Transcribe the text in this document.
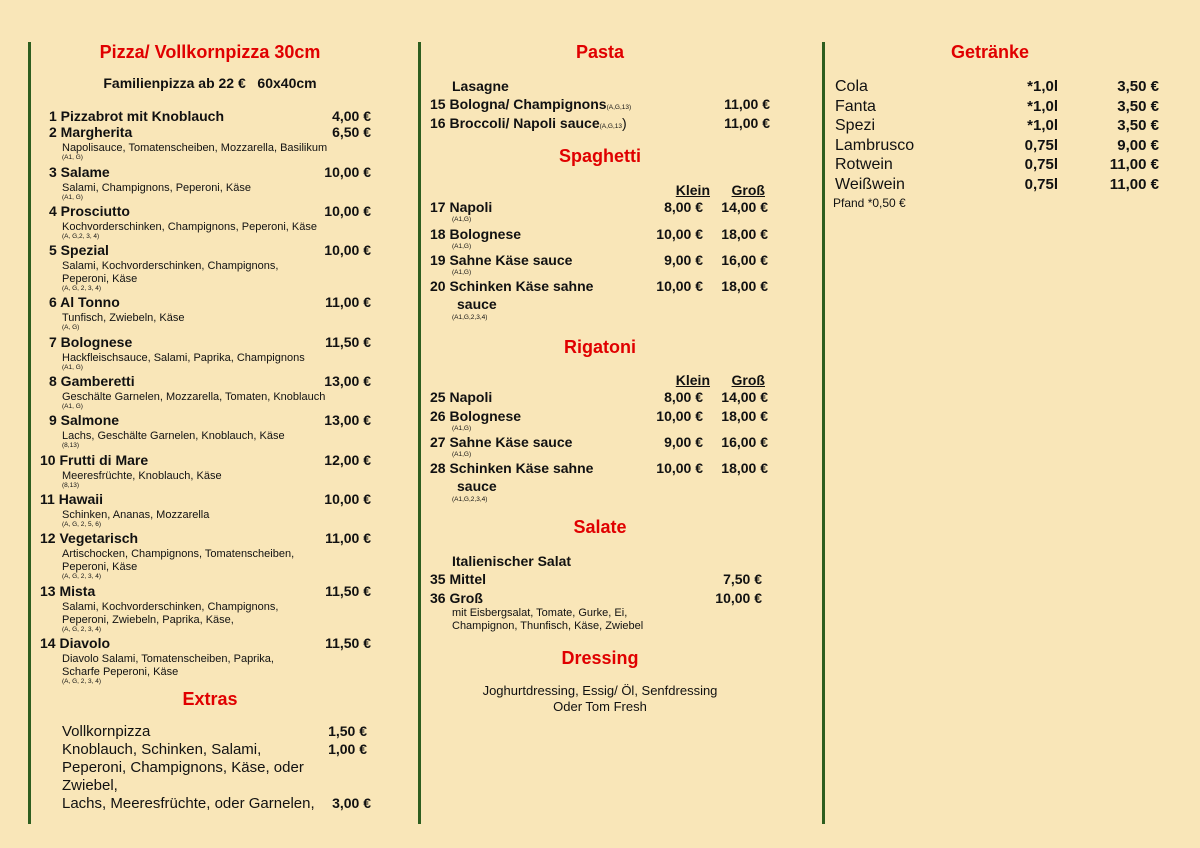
Pizza/ Vollkornpizza 30cm
Familienpizza ab 22 €   60x40cm
1 Pizzabrot mit Knoblauch	4,00 €
2 Margherita	6,50 €
Napolisauce, Tomatenscheiben, Mozzarella, Basilikum
(A1, G)
3 Salame	10,00 €
Salami, Champignons, Peperoni, Käse
(A1, G)
4 Prosciutto	10,00 €
Kochvorderschinken, Champignons, Peperoni, Käse
(A, G,2, 3, 4)
5 Spezial	10,00 €
Salami, Kochvorderschinken, Champignons,
Peperoni, Käse
(A, G, 2, 3, 4)
6 Al Tonno	11,00 €
Tunfisch, Zwiebeln, Käse
(A, G)
7 Bolognese	11,50 €
Hackfleischsauce, Salami, Paprika, Champignons
(A1, G)
8 Gamberetti	13,00 €
Geschälte Garnelen, Mozzarella, Tomaten, Knoblauch
(A1, G)
9 Salmone	13,00 €
Lachs, Geschälte Garnelen, Knoblauch, Käse
(8,13)
10 Frutti di Mare	12,00 €
Meeresfrüchte, Knoblauch, Käse
(8,13)
11 Hawaii	10,00 €
Schinken, Ananas, Mozzarella
(A, G, 2, 5, 6)
12 Vegetarisch	11,00 €
Artischocken, Champignons, Tomatenscheiben,
Peperoni, Käse
(A, G, 2, 3, 4)
13 Mista	11,50 €
Salami, Kochvorderschinken, Champignons,
Peperoni, Zwiebeln, Paprika, Käse,
(A, G, 2, 3, 4)
14 Diavolo	11,50 €
Diavolo Salami, Tomatenscheiben, Paprika,
Scharfe Peperoni, Käse
(A, G, 2, 3, 4)
Extras
Vollkornpizza	1,50 €
Knoblauch, Schinken, Salami,	1,00 €
Peperoni, Champignons, Käse, oder
Zwiebel,
Lachs, Meeresfrüchte, oder Garnelen,	3,00 €
Pasta
Lasagne
15 Bologna/ Champignons(A,G,13)	11,00 €
16 Broccoli/ Napoli sauce(A,G,13)	11,00 €
Spaghetti
Klein	Groß
17 Napoli	8,00 €	14,00 €
(A1,G)
18 Bolognese	10,00 €	18,00 €
(A1,G)
19 Sahne Käse sauce	9,00 €	16,00 €
(A1,G)
20 Schinken Käse sahne	10,00 €	18,00 €
sauce
(A1,G,2,3,4)
Rigatoni
Klein	Groß
25 Napoli	8,00 €	14,00 €
26 Bolognese	10,00 €	18,00 €
(A1,G)
27 Sahne Käse sauce	9,00 €	16,00 €
(A1,G)
28 Schinken Käse sahne	10,00 €	18,00 €
sauce
(A1,G,2,3,4)
Salate
Italienischer Salat
35 Mittel	7,50 €
36 Groß	10,00 €
mit Eisbergsalat, Tomate, Gurke, Ei,
Champignon, Thunfisch, Käse, Zwiebel
Dressing
Joghurtdressing, Essig/ Öl, Senfdressing
Oder Tom Fresh
Getränke
Cola	*1,0l	3,50 €
Fanta	*1,0l	3,50 €
Spezi	*1,0l	3,50 €
Lambrusco	0,75l	9,00 €
Rotwein	0,75l	11,00 €
Weißwein	0,75l	11,00 €
Pfand *0,50 €
